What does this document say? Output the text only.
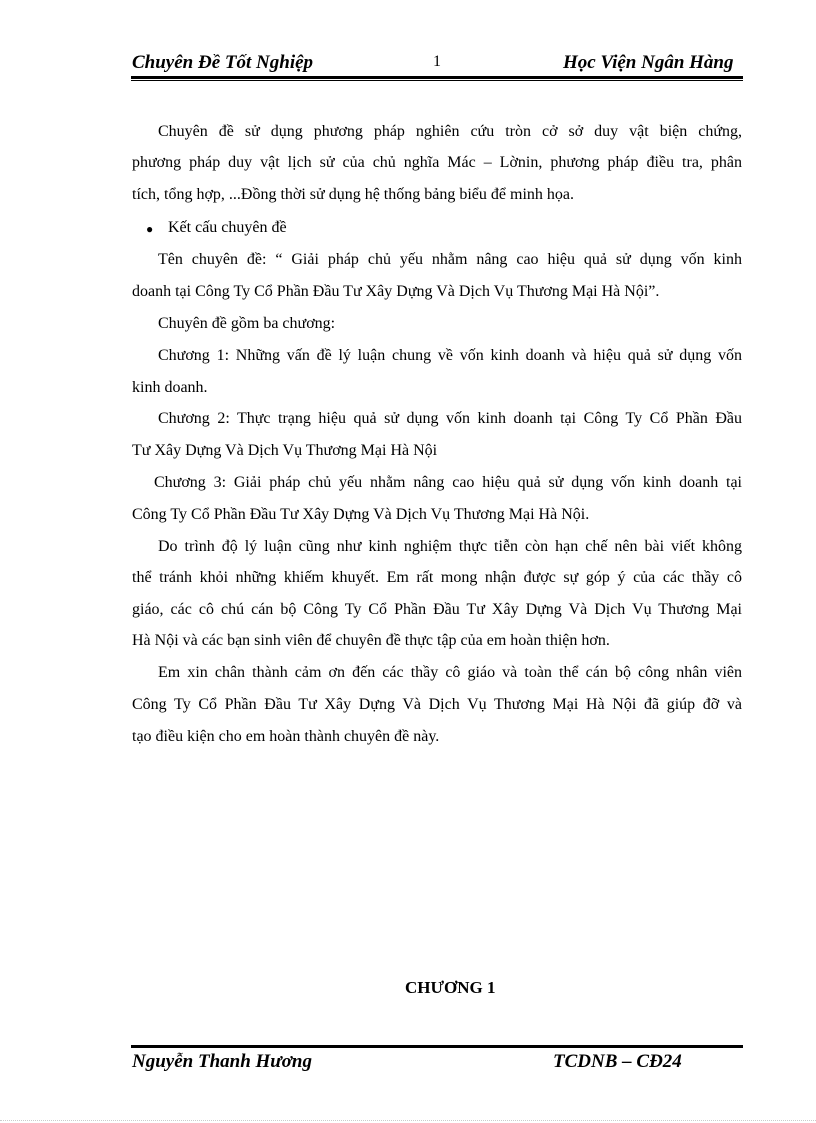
Chuyên Đề Tốt Nghiệp	1	Học Viện Ngân Hàng
Chuyên đề sử dụng phương pháp nghiên cứu tròn cở sở duy vật biện chứng,
phương pháp duy vật lịch sử của chủ nghĩa Mác – Lờnin, phương pháp điều tra, phân
tích, tổng hợp, ...Đồng thời sử dụng hệ thống bảng biểu để minh họa.
● Kết cấu chuyên đề
Tên chuyên đề: “ Giải pháp chủ yếu nhằm nâng cao hiệu quả sử dụng vốn kinh
doanh tại Công Ty Cổ Phần Đầu Tư Xây Dựng Và Dịch Vụ Thương Mại Hà Nội”.
Chuyên đề gồm ba chương:
Chương 1: Những vấn đề lý luận chung về vốn kinh doanh và hiệu quả sử dụng vốn
kinh doanh.
Chương 2: Thực trạng hiệu quả sử dụng vốn kinh doanh tại Công Ty Cổ Phần Đầu
Tư Xây Dựng Và Dịch Vụ Thương Mại Hà Nội
Chương 3: Giải pháp chủ yếu nhằm nâng cao hiệu quả sử dụng vốn kinh doanh tại
Công Ty Cổ Phần Đầu Tư Xây Dựng Và Dịch Vụ Thương Mại Hà Nội.
Do trình độ lý luận cũng như kinh nghiệm thực tiễn còn hạn chế nên bài viết không
thể tránh khỏi những khiếm khuyết. Em rất mong nhận được sự góp ý của các thầy cô
giáo, các cô chú cán bộ Công Ty Cổ Phần Đầu Tư Xây Dựng Và Dịch Vụ Thương Mại
Hà Nội và các bạn sinh viên để chuyên đề thực tập của em hoàn thiện hơn.
Em xin chân thành cảm ơn đến các thầy cô giáo và toàn thể cán bộ công nhân viên
Công Ty Cổ Phần Đầu Tư Xây Dựng Và Dịch Vụ Thương Mại Hà Nội đã giúp đỡ và
tạo điều kiện cho em hoàn thành chuyên đề này.
CHƯƠNG 1
Nguyễn Thanh Hương	TCDNB – CĐ24
